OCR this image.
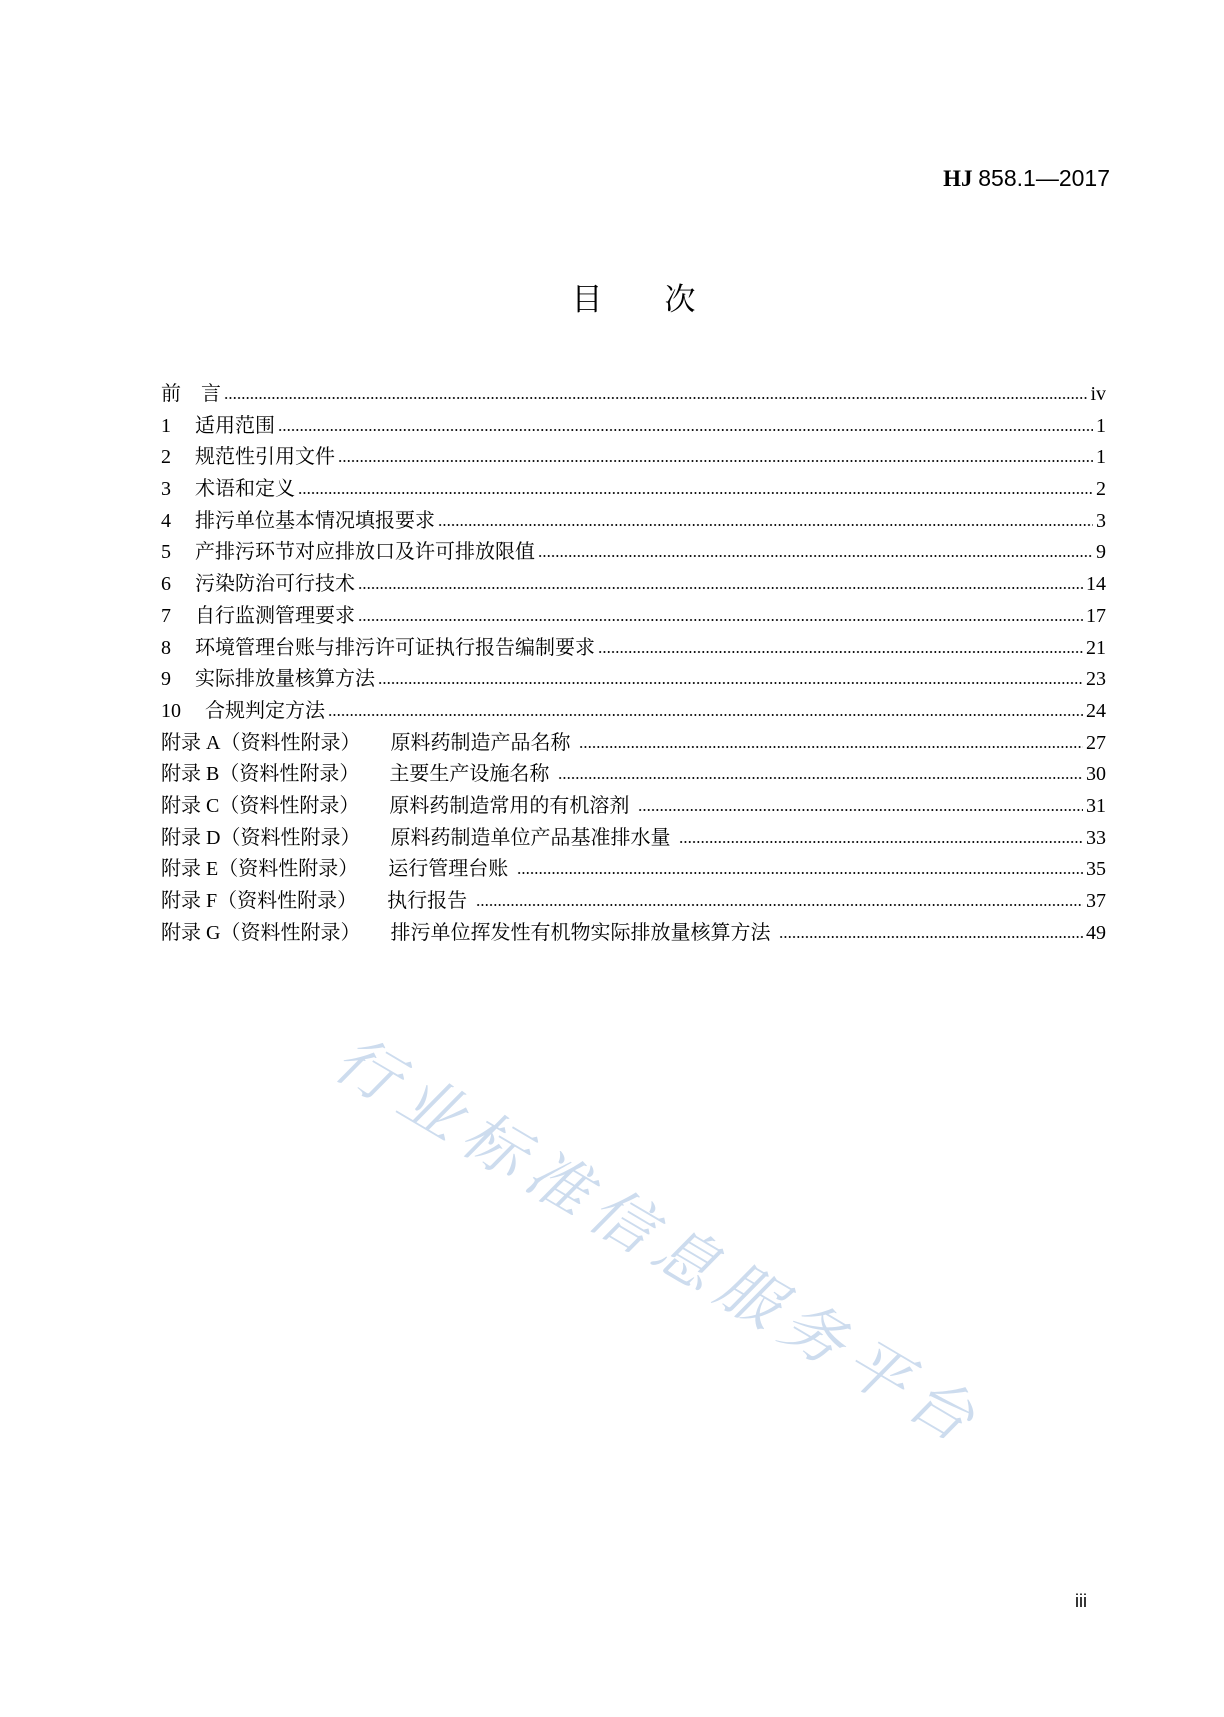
HJ 858.1—2017
目　　次
前　言	iv
1 适用范围	1
2 规范性引用文件	1
3 术语和定义	2
4 排污单位基本情况填报要求	3
5 产排污环节对应排放口及许可排放限值	9
6 污染防治可行技术	14
7 自行监测管理要求	17
8 环境管理台账与排污许可证执行报告编制要求	21
9 实际排放量核算方法	23
10 合规判定方法	24
附录 A（资料性附录） 原料药制造产品名称	27
附录 B（资料性附录） 主要生产设施名称	30
附录 C（资料性附录） 原料药制造常用的有机溶剂	31
附录 D（资料性附录） 原料药制造单位产品基准排水量	33
附录 E（资料性附录） 运行管理台账	35
附录 F（资料性附录） 执行报告	37
附录 G（资料性附录） 排污单位挥发性有机物实际排放量核算方法	49
行业标准信息服务平台
iii
